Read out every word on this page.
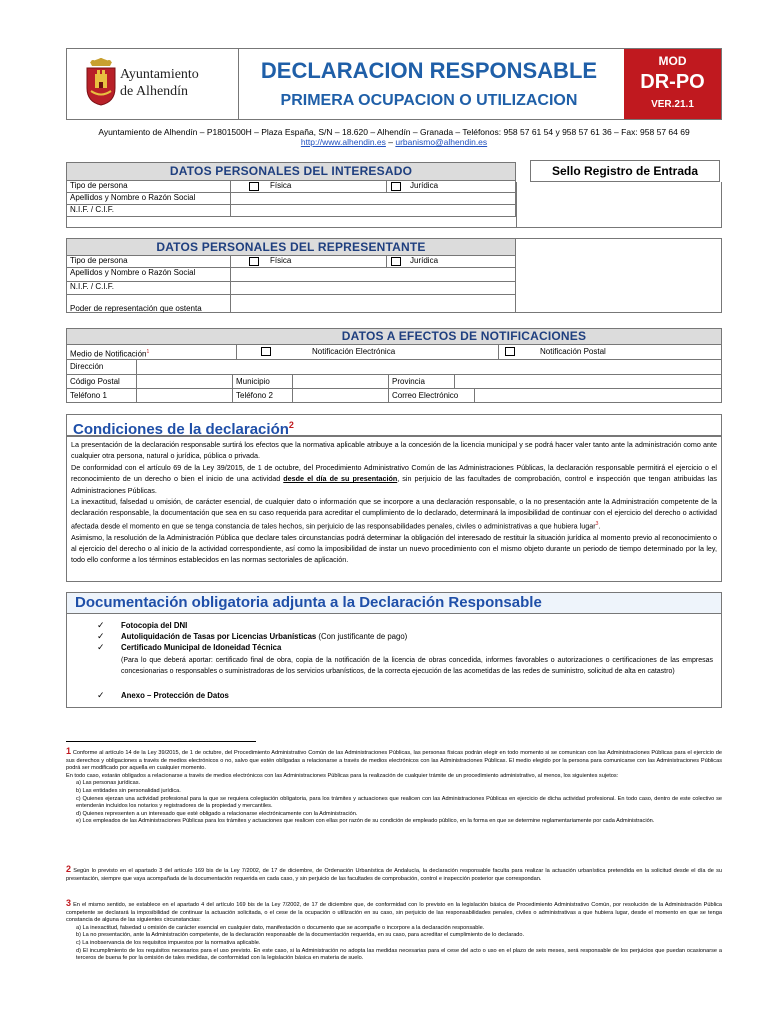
Ayuntamiento
de Alhendín
DECLARACION RESPONSABLE
PRIMERA OCUPACION O UTILIZACION
MOD
DR-PO
VER.21.1
Ayuntamiento de Alhendín – P1801500H – Plaza España, S/N – 18.620 – Alhendín – Granada – Teléfonos: 958 57 61 54 y 958 57 61 36 – Fax: 958 57 64 69
http://www.alhendin.es – urbanismo@alhendin.es
DATOS PERSONALES DEL INTERESADO	Sello Registro de Entrada
Tipo de persona	Física	Jurídica
Apellidos y Nombre o Razón Social
N.I.F. / C.I.F.
DATOS PERSONALES DEL REPRESENTANTE
Tipo de persona	Física	Jurídica
Apellidos y Nombre o Razón Social
N.I.F. / C.I.F.
Poder de representación que ostenta
DATOS A EFECTOS DE NOTIFICACIONES
Medio de Notificación$^1$	Notificación Electrónica	Notificación Postal
Dirección
Código Postal	Municipio	Provincia
Teléfono 1	Teléfono 2	Correo Electrónico
Condiciones de la declaración$^2$

La presentación de la declaración responsable surtirá los efectos que la normativa aplicable atribuye a la concesión de la licencia municipal y se podrá hacer valer tanto ante la administración como ante cualquier otra persona, natural o jurídica, pública o privada.

De conformidad con el artículo 69 de la Ley 39/2015, de 1 de octubre, del Procedimiento Administrativo Común de las Administraciones Públicas, la declaración responsable permitirá el ejercicio o el reconocimiento de un derecho o bien el inicio de una actividad desde el día de su presentación, sin perjuicio de las facultades de comprobación, control e inspección que tengan atribuidas las Administraciones Públicas.

La inexactitud, falsedad u omisión, de carácter esencial, de cualquier dato o información que se incorpore a una declaración responsable, o la no presentación ante la Administración competente de la declaración responsable, la documentación que sea en su caso requerida para acreditar el cumplimiento de lo declarado, determinará la imposibilidad de continuar con el ejercicio del derecho o actividad afectada desde el momento en que se tenga constancia de tales hechos, sin perjuicio de las responsabilidades penales, civiles o administrativas a que hubiera lugar$^3$.

Asimismo, la resolución de la Administración Pública que declare tales circunstancias podrá determinar la obligación del interesado de restituir la situación jurídica al momento previo al reconocimiento o al ejercicio del derecho o al inicio de la actividad correspondiente, así como la imposibilidad de instar un nuevo procedimiento con el mismo objeto durante un periodo de tiempo determinado por la ley, todo ello conforme a los términos establecidos en las normas sectoriales de aplicación.

Documentación obligatoria adjunta a la Declaración Responsable
✓ Fotocopia del DNI
✓ Autoliquidación de Tasas por Licencias Urbanísticas (Con justificante de pago)
✓ Certificado Municipal de Idoneidad Técnica
(Para lo que deberá aportar: certificado final de obra, copia de la notificación de la licencia de obras concedida, informes favorables o autorizaciones o certificaciones de las empresas concesionarias o responsables o suministradoras de los servicios urbanísticos, de la correcta ejecución de las acometidas de las redes de suministro, solicitud de alta en catastro)
✓ Anexo – Protección de Datos
1 Conforme al artículo 14 de la Ley 39/2015, de 1 de octubre, del Procedimiento Administrativo Común de las Administraciones Públicas, las personas físicas podrán elegir en todo momento si se comunican con las Administraciones Públicas para el ejercicio de sus derechos y obligaciones a través de medios electrónicos o no, salvo que estén obligadas a relacionarse a través de medios electrónicos con las Administraciones Públicas. El medio elegido por la persona para comunicarse con las Administraciones Públicas podrá ser modificado por aquella en cualquier momento.
En todo caso, estarán obligados a relacionarse a través de medios electrónicos con las Administraciones Públicas para la realización de cualquier trámite de un procedimiento administrativo, al menos, los siguientes sujetos:
a) Las personas jurídicas.
b) Las entidades sin personalidad jurídica.
c) Quienes ejerzan una actividad profesional para la que se requiera colegiación obligatoria, para los trámites y actuaciones que realicen con las Administraciones Públicas en ejercicio de dicha actividad profesional. En todo caso, dentro de este colectivo se entenderán incluidos los notarios y registradores de la propiedad y mercantiles.
d) Quienes representen a un interesado que esté obligado a relacionarse electrónicamente con la Administración.
e) Los empleados de las Administraciones Públicas para los trámites y actuaciones que realicen con ellas por razón de su condición de empleado público, en la forma en que se determine reglamentariamente por cada Administración.
2 Según lo previsto en el apartado 3 del artículo 169 bis de la Ley 7/2002, de 17 de diciembre, de Ordenación Urbanística de Andalucía, la declaración responsable faculta para realizar la actuación urbanística pretendida en la solicitud desde el día de su presentación, siempre que vaya acompañada de la documentación requerida en cada caso, y sin perjuicio de las facultades de comprobación, control e inspección posterior que correspondan.
3 En el mismo sentido, se establece en el apartado 4 del artículo 169 bis de la Ley 7/2002, de 17 de diciembre que, de conformidad con lo previsto en la legislación básica de Procedimiento Administrativo Común, por resolución de la Administración Pública competente se declarará la imposibilidad de continuar la actuación solicitada, o el cese de la ocupación o utilización en su caso, sin perjuicio de las responsabilidades penales, civiles o administrativas a que hubiera lugar, desde el momento en que se tenga constancia de alguna de las siguientes circunstancias:
a) La inexactitud, falsedad u omisión de carácter esencial en cualquier dato, manifestación o documento que se acompañe o incorpore a la declaración responsable.
b) La no presentación, ante la Administración competente, de la declaración responsable de la documentación requerida, en su caso, para acreditar el cumplimiento de lo declarado.
c) La inobservancia de los requisitos impuestos por la normativa aplicable.
d) El incumplimiento de los requisitos necesarios para el uso previsto. En este caso, si la Administración no adopta las medidas necesarias para el cese del acto o uso en el plazo de seis meses, será responsable de los perjuicios que puedan ocasionarse a terceros de buena fe por la omisión de tales medidas, de conformidad con la legislación básica en materia de suelo.
